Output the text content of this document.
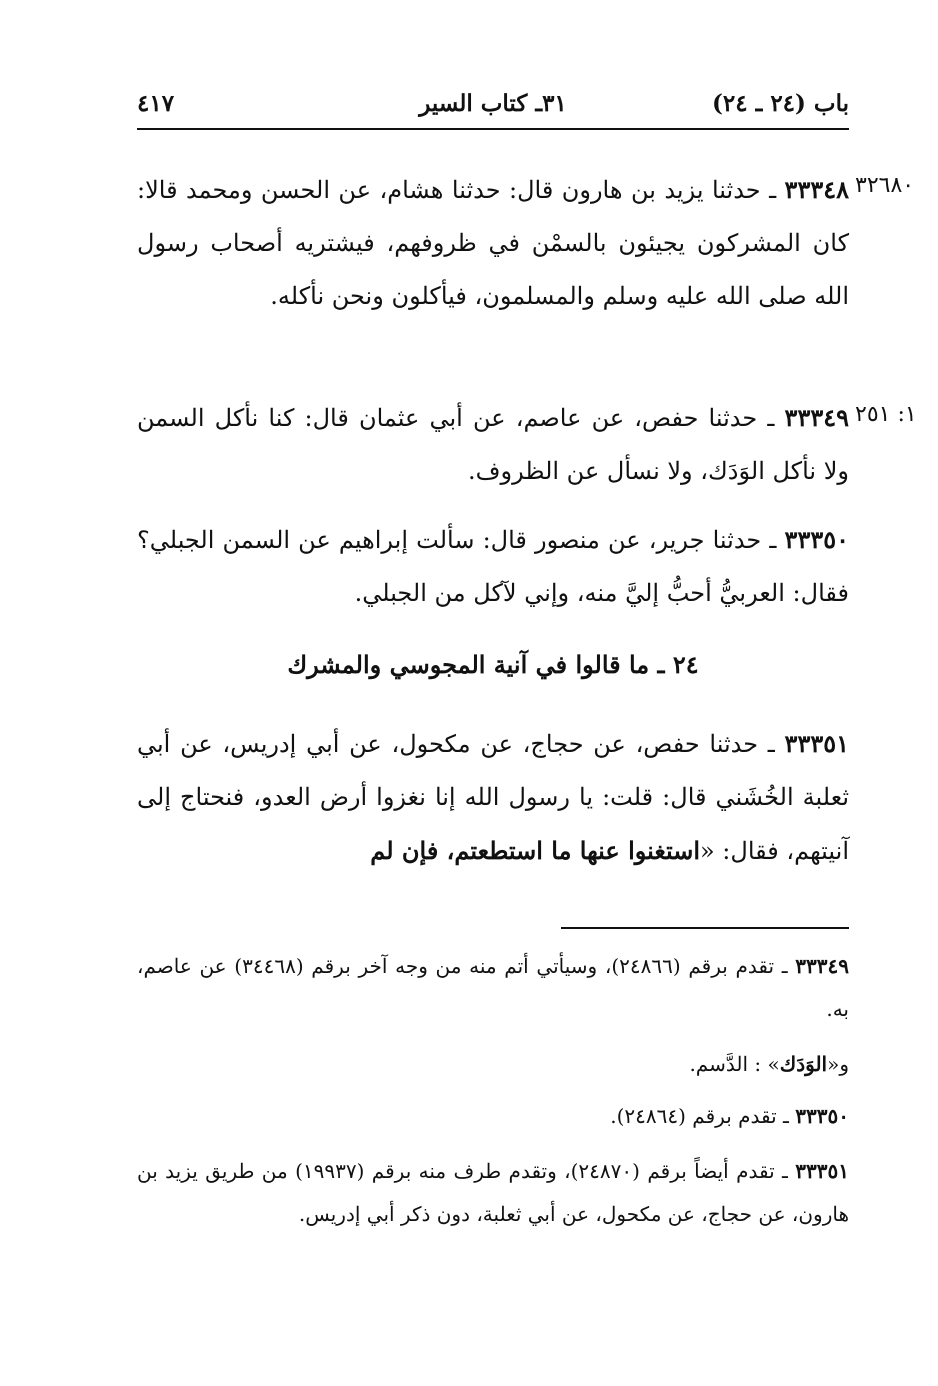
باب (٢٤ ـ ٢٤)
٣١ـ كتاب السير
٤١٧
٣٢٦٨٠
٣٣٣٤٨ ـ حدثنا يزيد بن هارون قال: حدثنا هشام، عن الحسن ومحمد قالا: كان المشركون يجيئون بالسمْن في ظروفهم، فيشتريه أصحاب رسول الله صلى الله عليه وسلم والمسلمون، فيأكلون ونحن نأكله.
١: ٢٥١
٣٣٣٤٩ ـ حدثنا حفص، عن عاصم، عن أبي عثمان قال: كنا نأكل السمن ولا نأكل الوَدَك، ولا نسأل عن الظروف.
٣٣٣٥٠ ـ حدثنا جرير، عن منصور قال: سألت إبراهيم عن السمن الجبلي؟ فقال: العربيُّ أحبُّ إليَّ منه، وإني لآكل من الجبلي.
٢٤ ـ ما قالوا في آنية المجوسي والمشرك
٣٣٣٥١ ـ حدثنا حفص، عن حجاج، عن مكحول، عن أبي إدريس، عن أبي ثعلبة الخُشَني قال: قلت: يا رسول الله إنا نغزوا أرض العدو، فنحتاج إلى آنيتهم، فقال: «استغنوا عنها ما استطعتم، فإن لم
٣٣٣٤٩ ـ تقدم برقم (٢٤٨٦٦)، وسيأتي أتم منه من وجه آخر برقم (٣٤٤٦٨) عن عاصم، به.
و«الوَدَك» : الدَّسم.
٣٣٣٥٠ ـ تقدم برقم (٢٤٨٦٤).
٣٣٣٥١ ـ تقدم أيضاً برقم (٢٤٨٧٠)، وتقدم طرف منه برقم (١٩٩٣٧) من طريق يزيد بن هارون، عن حجاج، عن مكحول، عن أبي ثعلبة، دون ذكر أبي إدريس.
